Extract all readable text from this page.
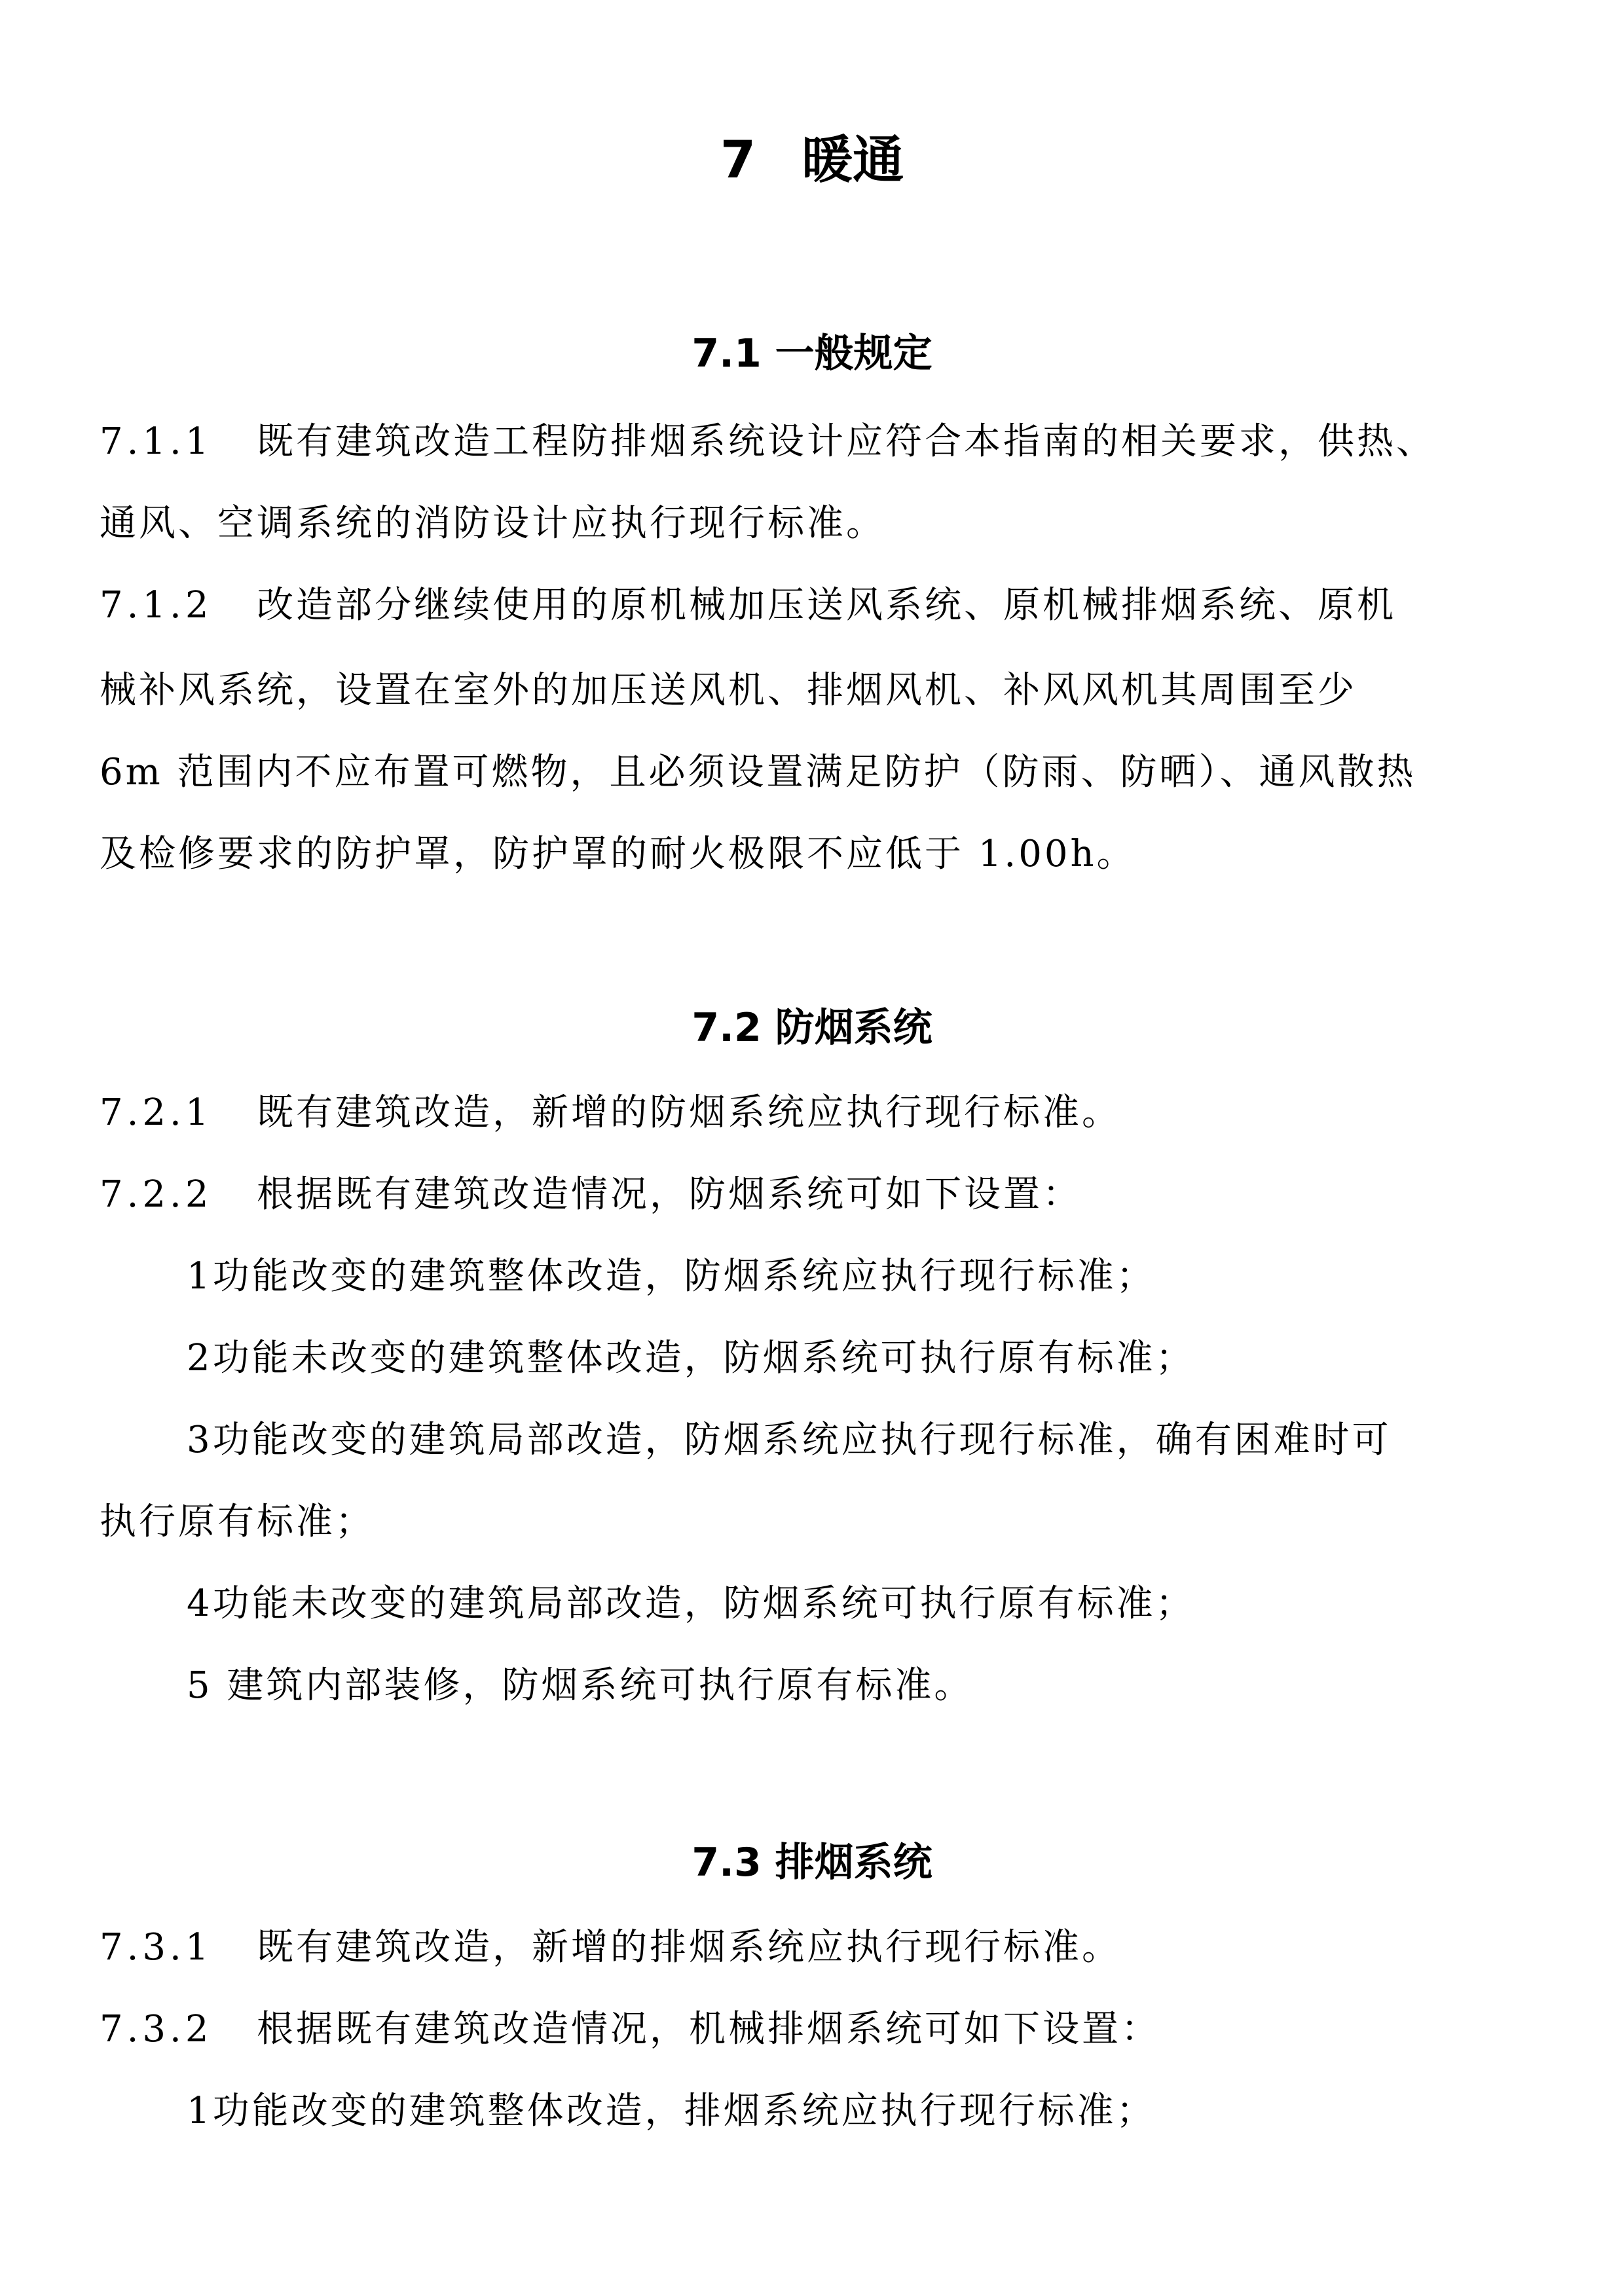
7 暖通
7.1 一般规定
7.1.1 既有建筑改造工程防排烟系统设计应符合本指南的相关要求，供热、
通风、空调系统的消防设计应执行现行标准。
7.1.2 改造部分继续使用的原机械加压送风系统、原机械排烟系统、原机
械补风系统，设置在室外的加压送风机、排烟风机、补风风机其周围至少
6m 范围内不应布置可燃物，且必须设置满足防护（防雨、防晒）、通风散热
及检修要求的防护罩，防护罩的耐火极限不应低于 1.00h。
7.2 防烟系统
7.2.1 既有建筑改造，新增的防烟系统应执行现行标准。
7.2.2 根据既有建筑改造情况，防烟系统可如下设置：
1功能改变的建筑整体改造，防烟系统应执行现行标准；
2功能未改变的建筑整体改造，防烟系统可执行原有标准；
3功能改变的建筑局部改造，防烟系统应执行现行标准，确有困难时可
执行原有标准；
4功能未改变的建筑局部改造，防烟系统可执行原有标准；
5 建筑内部装修，防烟系统可执行原有标准。
7.3 排烟系统
7.3.1 既有建筑改造，新增的排烟系统应执行现行标准。
7.3.2 根据既有建筑改造情况，机械排烟系统可如下设置：
1功能改变的建筑整体改造，排烟系统应执行现行标准；
